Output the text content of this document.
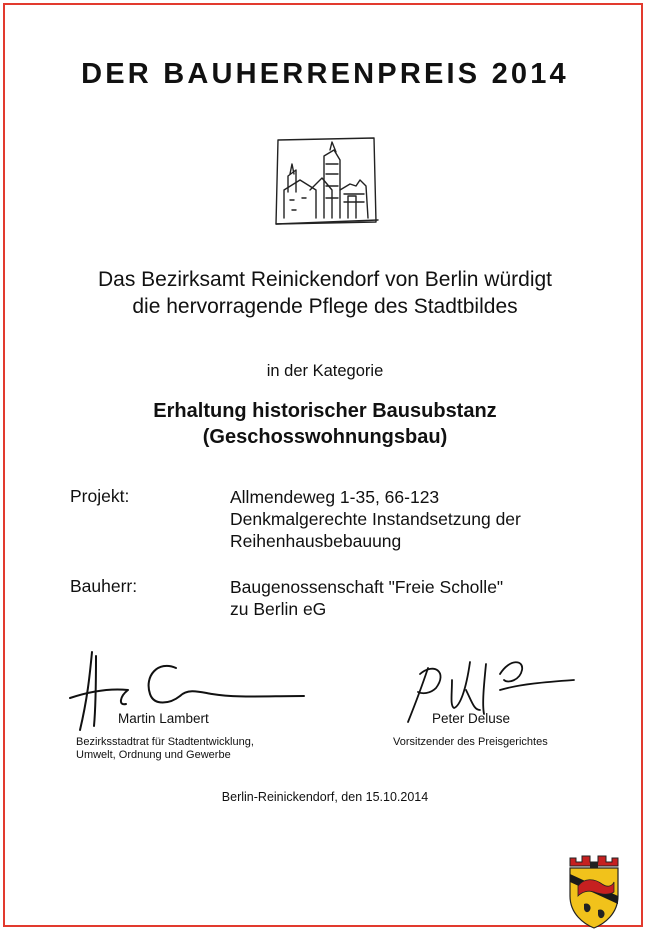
DER BAUHERRENPREIS 2014
Das Bezirksamt Reinickendorf von Berlin würdigt
die hervorragende Pflege des Stadtbildes
in der Kategorie
Erhaltung historischer Bausubstanz
(Geschosswohnungsbau)
Projekt:	Allmendeweg 1-35, 66-123
Denkmalgerechte Instandsetzung der
Reihenhausbebauung
Bauherr:	Baugenossenschaft "Freie Scholle"
zu Berlin eG
Martin Lambert
Bezirksstadtrat für Stadtentwicklung,
Umwelt, Ordnung und Gewerbe
Peter Deluse
Vorsitzender des Preisgerichtes
Berlin-Reinickendorf, den 15.10.2014
